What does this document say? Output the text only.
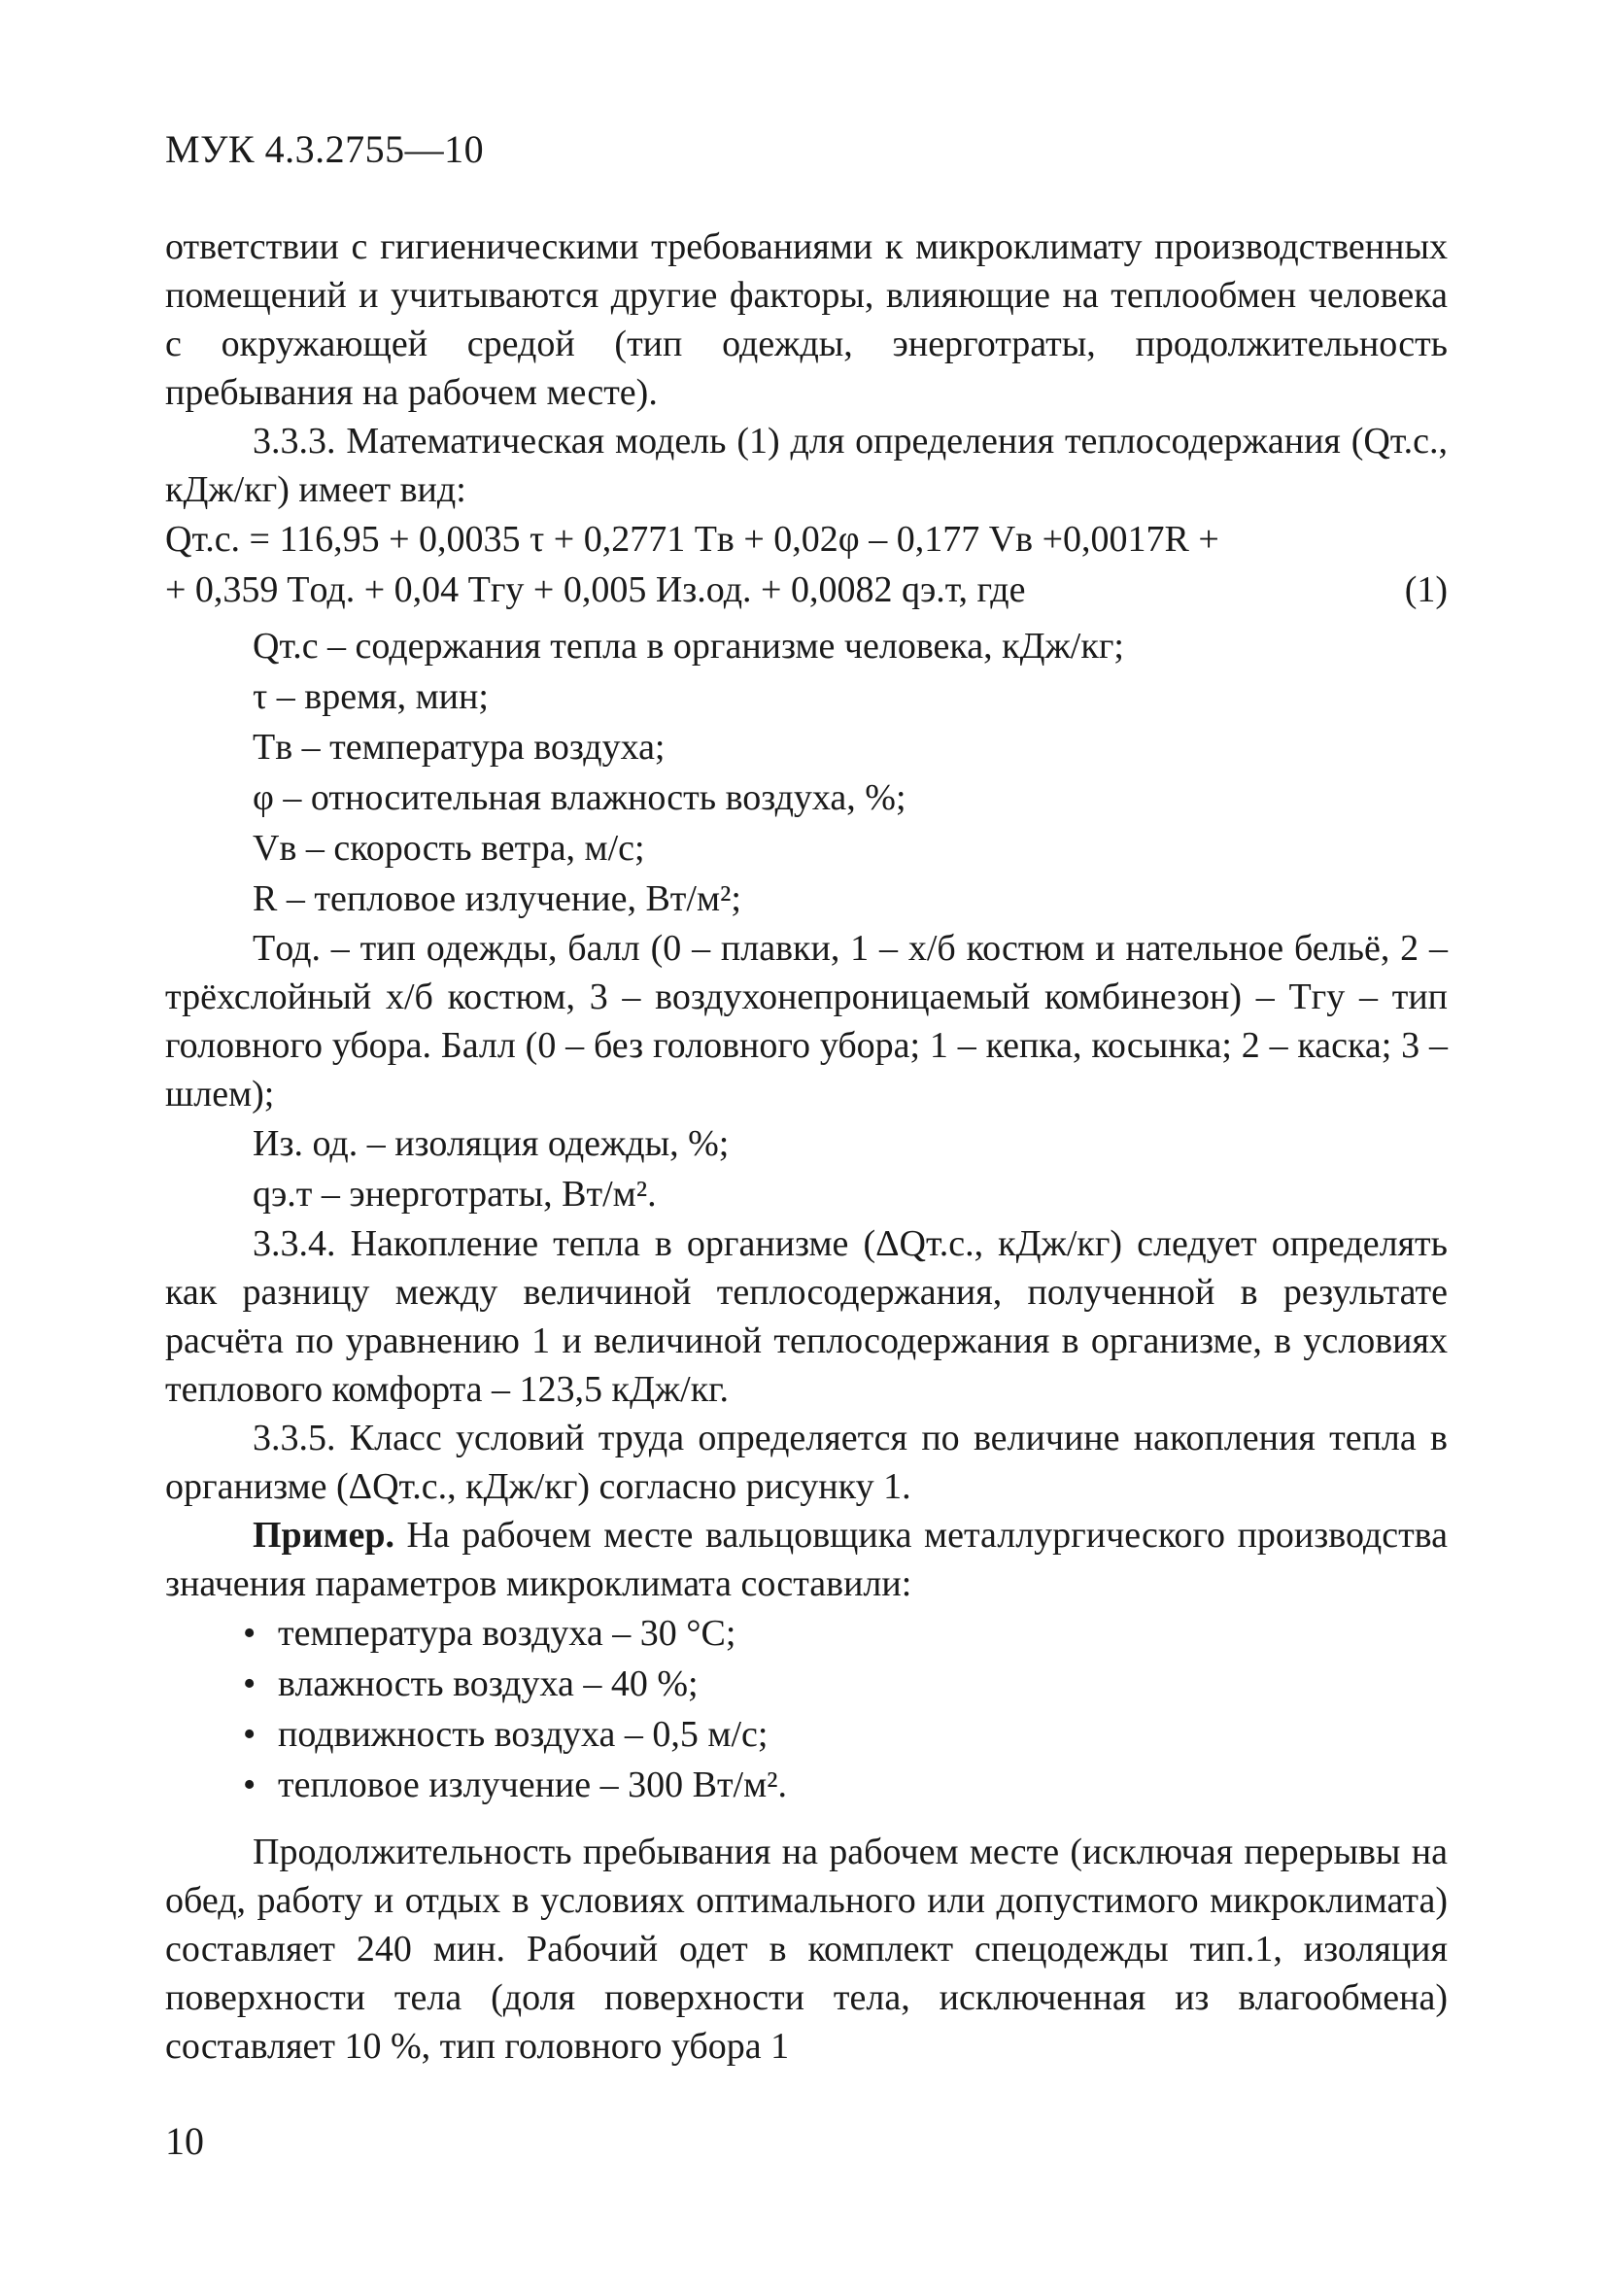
МУК 4.3.2755—10

ответствии с гигиеническими требованиями к микроклимату производственных помещений и учитываются другие факторы, влияющие на теплообмен человека с окружающей средой (тип одежды, энерготраты, продолжительность пребывания на рабочем месте).

3.3.3. Математическая модель (1) для определения теплосодержания (Qт.с., кДж/кг) имеет вид:

Qт.с. = 116,95 + 0,0035 τ + 0,2771 Tв + 0,02φ – 0,177 Vв +0,0017R +

+ 0,359 Tод. + 0,04 Tгу + 0,005 Из.од. + 0,0082 qэ.т, где	(1)

Qт.с – содержания тепла в организме человека, кДж/кг;

τ – время, мин;

Tв – температура воздуха;

φ – относительная влажность воздуха, %;

Vв – скорость ветра, м/с;

R – тепловое излучение, Вт/м²;

Tод. – тип одежды, балл (0 – плавки, 1 – х/б костюм и нательное бельё, 2 – трёхслойный х/б костюм, 3 – воздухонепроницаемый комбинезон) – Tгу – тип головного убора. Балл (0 – без головного убора; 1 – кепка, косынка; 2 – каска; 3 – шлем);

Из. од. – изоляция одежды, %;

qэ.т – энерготраты, Вт/м².

3.3.4. Накопление тепла в организме (ΔQт.с., кДж/кг) следует определять как разницу между величиной теплосодержания, полученной в результате расчёта по уравнению 1 и величиной теплосодержания в организме, в условиях теплового комфорта – 123,5 кДж/кг.

3.3.5. Класс условий труда определяется по величине накопления тепла в организме (ΔQт.с., кДж/кг) согласно рисунку 1.

Пример. На рабочем месте вальцовщика металлургического производства значения параметров микроклимата составили:

• температура воздуха – 30 °С;
• влажность воздуха – 40 %;
• подвижность воздуха – 0,5 м/с;
• тепловое излучение – 300 Вт/м².

Продолжительность пребывания на рабочем месте (исключая перерывы на обед, работу и отдых в условиях оптимального или допустимого микроклимата) составляет 240 мин. Рабочий одет в комплект спецодежды тип.1, изоляция поверхности тела (доля поверхности тела, исключенная из влагообмена) составляет 10 %, тип головного убора 1

10
